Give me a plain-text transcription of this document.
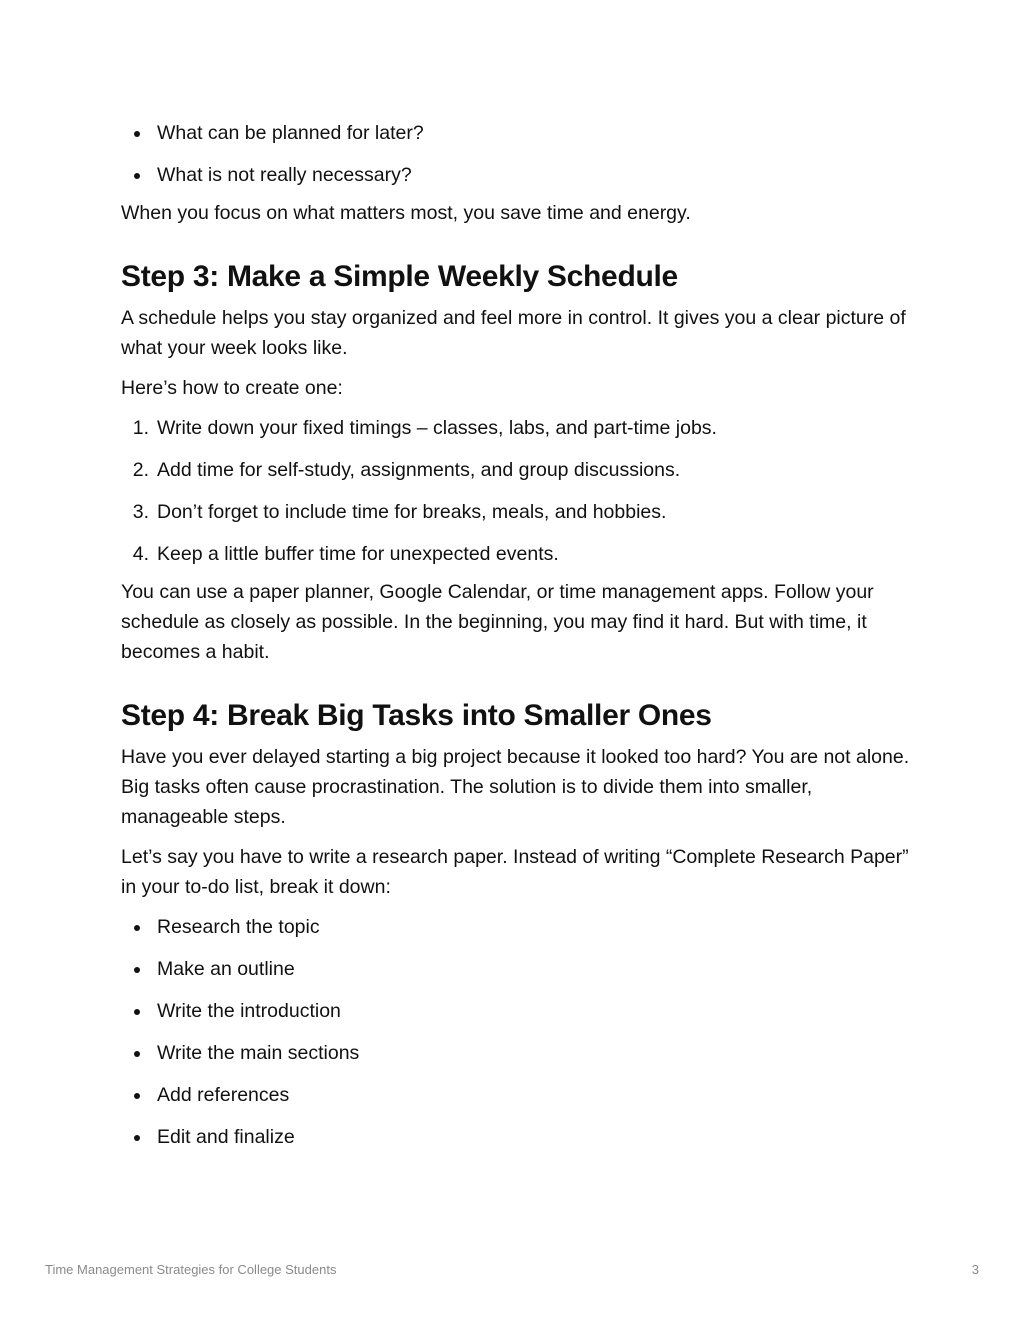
What can be planned for later?
What is not really necessary?

When you focus on what matters most, you save time and energy.

Step 3: Make a Simple Weekly Schedule

A schedule helps you stay organized and feel more in control. It gives you a clear picture of what your week looks like.

Here’s how to create one:

1. Write down your fixed timings – classes, labs, and part-time jobs.
2. Add time for self-study, assignments, and group discussions.
3. Don’t forget to include time for breaks, meals, and hobbies.
4. Keep a little buffer time for unexpected events.

You can use a paper planner, Google Calendar, or time management apps. Follow your schedule as closely as possible. In the beginning, you may find it hard. But with time, it becomes a habit.

Step 4: Break Big Tasks into Smaller Ones

Have you ever delayed starting a big project because it looked too hard? You are not alone. Big tasks often cause procrastination. The solution is to divide them into smaller, manageable steps.

Let’s say you have to write a research paper. Instead of writing “Complete Research Paper” in your to-do list, break it down:

Research the topic
Make an outline
Write the introduction
Write the main sections
Add references
Edit and finalize
Time Management Strategies for College Students	3
